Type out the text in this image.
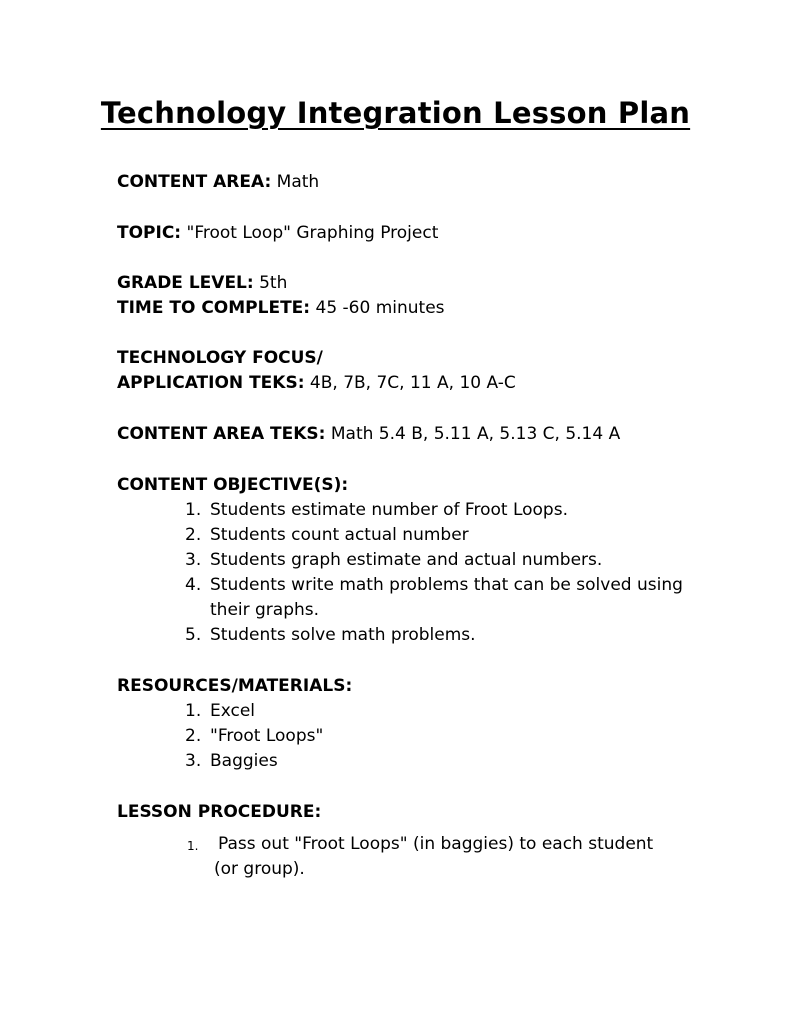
Technology Integration Lesson Plan
CONTENT AREA: Math
TOPIC: "Froot Loop" Graphing Project
GRADE LEVEL: 5th
TIME TO COMPLETE: 45 -60 minutes
TECHNOLOGY FOCUS/
APPLICATION TEKS: 4B, 7B, 7C, 11 A, 10 A-C
CONTENT AREA TEKS: Math 5.4 B, 5.11 A, 5.13 C, 5.14 A
CONTENT OBJECTIVE(S):
1. Students estimate number of Froot Loops.
2. Students count actual number
3. Students graph estimate and actual numbers.
4. Students write math problems that can be solved using
their graphs.
5. Students solve math problems.
RESOURCES/MATERIALS:
1. Excel
2. "Froot Loops"
3. Baggies
LESSON PROCEDURE:
1. Pass out "Froot Loops" (in baggies) to each student
(or group).
